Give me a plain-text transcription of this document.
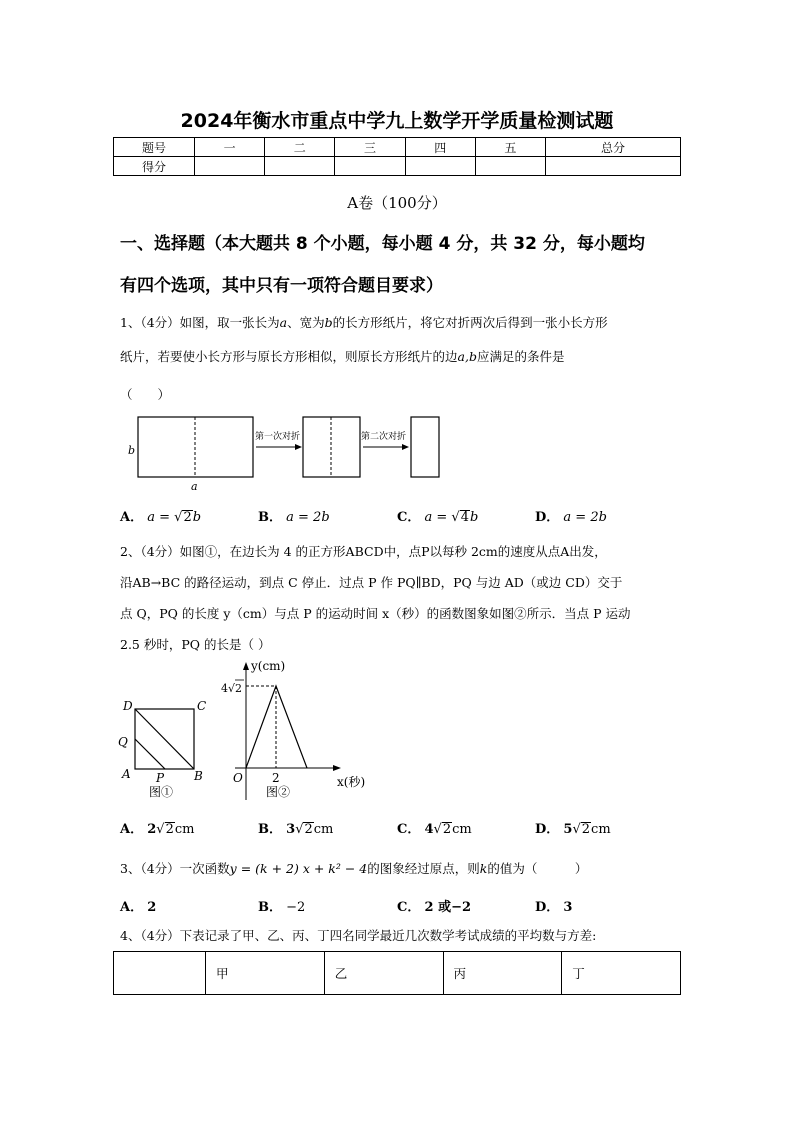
2024年衡水市重点中学九上数学开学质量检测试题
题号	一	二	三	四	五	总分
得分						
A卷（100分）
一、选择题（本大题共 8 个小题，每小题 4 分，共 32 分，每小题均
有四个选项，其中只有一项符合题目要求）
1、（4分）如图，取一张长为a、宽为b的长方形纸片，将它对折两次后得到一张小长方形
纸片，若要使小长方形与原长方形相似，则原长方形纸片的边a,b应满足的条件是
（　　）
b
a
第一次对折	第二次对折
A． a = √2b	B． a = 2b	C． a = √4b	D． a = 2b
2、（4分）如图①，在边长为 4 的正方形ABCD中，点P以每秒 2cm的速度从点A出发，
沿AB→BC 的路径运动，到点 C 停止．过点 P 作 PQ∥BD，PQ 与边 AD（或边 CD）交于
点 Q，PQ 的长度 y（cm）与点 P 的运动时间 x（秒）的函数图象如图②所示．当点 P 运动
2.5 秒时，PQ 的长是（ ）
D	C
Q
A P B
图①
y(cm)
4 √ 2
O 2	x(秒)
图②
A． 2√2cm	B． 3√2cm	C． 4√2cm	D． 5√2cm
3、（4分）一次函数y = (k + 2) x + k² − 4的图象经过原点，则k的值为（　　　）
A． 2	B． −2	C． 2 或−2	D． 3
4、（4分）下表记录了甲、乙、丙、丁四名同学最近几次数学考试成绩的平均数与方差:
	甲	乙	丙	丁
